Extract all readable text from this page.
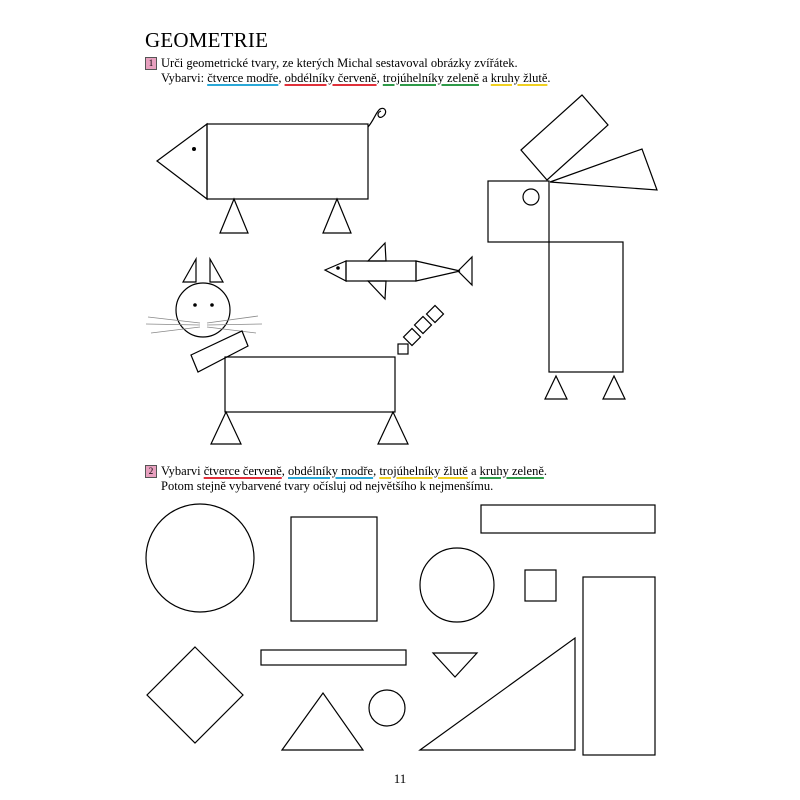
GEOMETRIE
1 Urči geometrické tvary, ze kterých Michal sestavoval obrázky zvířátek.
Vybarvi: čtverce modře, obdélníky červeně, trojúhelníky zeleně a kruhy žlutě.
2 Vybarvi čtverce červeně, obdélníky modře, trojúhelníky žlutě a kruhy zeleně.
Potom stejně vybarvené tvary očísluj od největšího k nejmenšímu.
11
